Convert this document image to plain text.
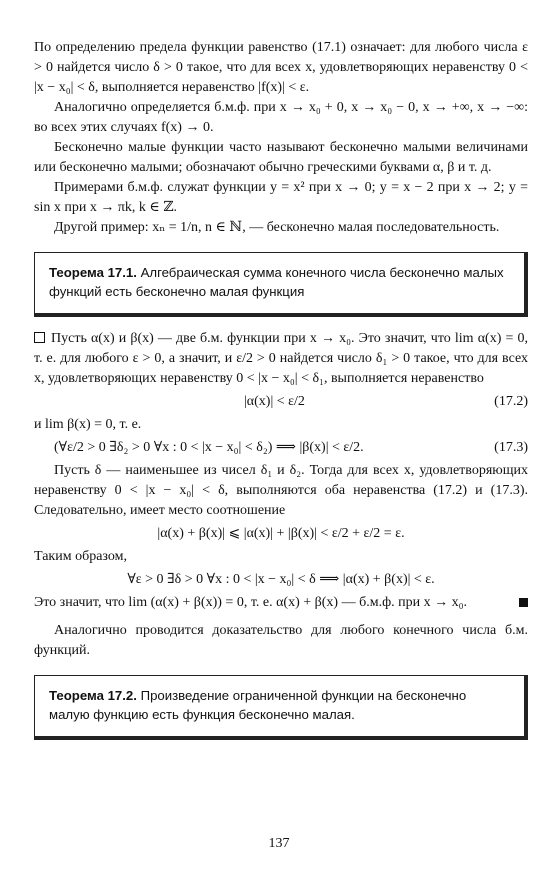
По определению предела функции равенство (17.1) означает: для любого числа ε > 0 найдется число δ > 0 такое, что для всех x, удовлетворяющих неравенству 0 < |x − x₀| < δ, выполняется неравенство |f(x)| < ε.

Аналогично определяется б.м.ф. при x → x₀ + 0, x → x₀ − 0, x → +∞, x → −∞: во всех этих случаях f(x) → 0.

Бесконечно малые функции часто называют бесконечно малыми величинами или бесконечно малыми; обозначают обычно греческими буквами α, β и т. д.

Примерами б.м.ф. служат функции y = x² при x → 0; y = x − 2 при x → 2; y = sin x при x → πk, k ∈ ℤ.

Другой пример: xₙ = 1/n, n ∈ ℕ, — бесконечно малая последовательность.

Теорема 17.1. Алгебраическая сумма конечного числа бесконечно малых функций есть бесконечно малая функция

Пусть α(x) и β(x) — две б.м. функции при x → x₀. Это значит, что lim α(x) = 0, т. е. для любого ε > 0, а значит, и ε/2 > 0 найдется число δ₁ > 0 такое, что для всех x, удовлетворяющих неравенству 0 < |x − x₀| < δ₁, выполняется неравенство

|α(x)| < ε/2	(17.2)

и lim β(x) = 0, т. е.

(∀ε/2 > 0 ∃δ₂ > 0 ∀x : 0 < |x − x₀| < δ₂) ⟹ |β(x)| < ε/2.	(17.3)

Пусть δ — наименьшее из чисел δ₁ и δ₂. Тогда для всех x, удовлетворяющих неравенству 0 < |x − x₀| < δ, выполняются оба неравенства (17.2) и (17.3). Следовательно, имеет место соотношение

|α(x) + β(x)| ⩽ |α(x)| + |β(x)| < ε/2 + ε/2 = ε.

Таким образом,

∀ε > 0 ∃δ > 0 ∀x : 0 < |x − x₀| < δ ⟹ |α(x) + β(x)| < ε.

Это значит, что lim (α(x) + β(x)) = 0, т. е. α(x) + β(x) — б.м.ф. при x → x₀.

Аналогично проводится доказательство для любого конечного числа б.м. функций.

Теорема 17.2. Произведение ограниченной функции на бесконечно малую функцию есть функция бесконечно малая.
137
